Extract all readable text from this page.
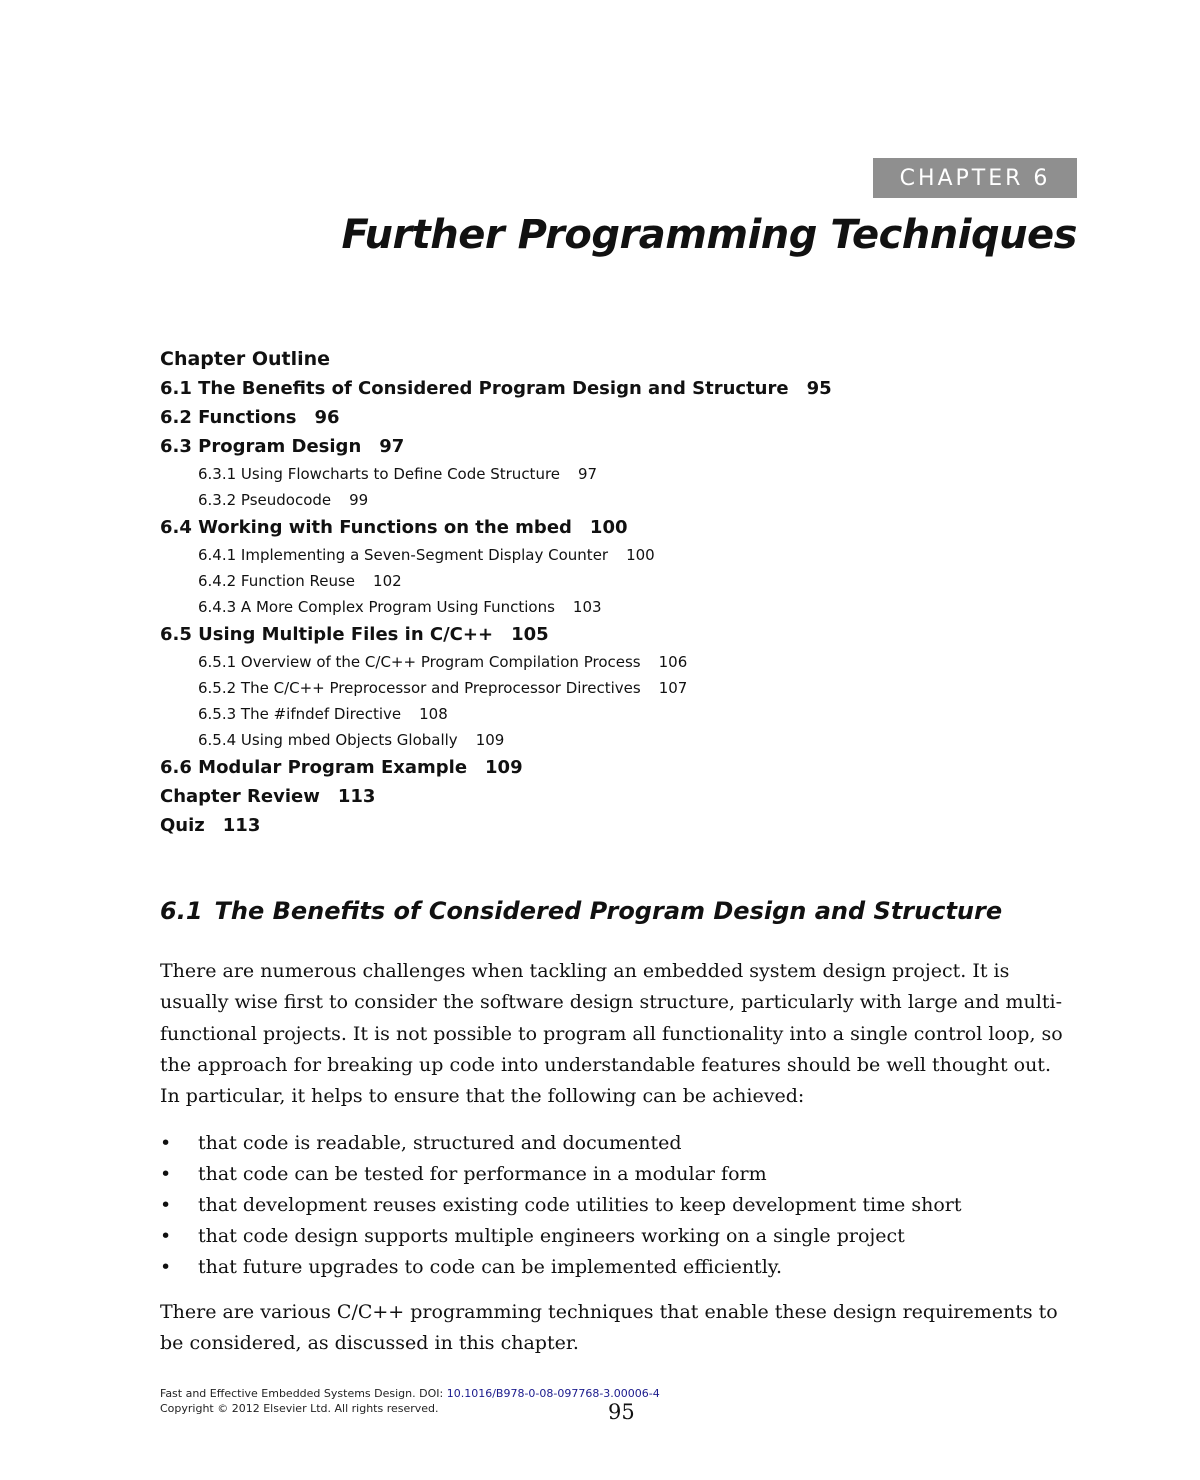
CHAPTER 6
Further Programming Techniques
Chapter Outline
6.1 The Benefits of Considered Program Design and Structure 95
6.2 Functions 96
6.3 Program Design 97
6.3.1 Using Flowcharts to Define Code Structure 97
6.3.2 Pseudocode 99
6.4 Working with Functions on the mbed 100
6.4.1 Implementing a Seven-Segment Display Counter 100
6.4.2 Function Reuse 102
6.4.3 A More Complex Program Using Functions 103
6.5 Using Multiple Files in C/C++ 105
6.5.1 Overview of the C/C++ Program Compilation Process 106
6.5.2 The C/C++ Preprocessor and Preprocessor Directives 107
6.5.3 The #ifndef Directive 108
6.5.4 Using mbed Objects Globally 109
6.6 Modular Program Example 109
Chapter Review 113
Quiz 113
6.1 The Benefits of Considered Program Design and Structure

There are numerous challenges when tackling an embedded system design project. It is usually wise first to consider the software design structure, particularly with large and multi-functional projects. It is not possible to program all functionality into a single control loop, so the approach for breaking up code into understandable features should be well thought out. In particular, it helps to ensure that the following can be achieved:

•	that code is readable, structured and documented
•	that code can be tested for performance in a modular form
•	that development reuses existing code utilities to keep development time short
•	that code design supports multiple engineers working on a single project
•	that future upgrades to code can be implemented efficiently.

There are various C/C++ programming techniques that enable these design requirements to be considered, as discussed in this chapter.

Fast and Effective Embedded Systems Design. DOI: 10.1016/B978-0-08-097768-3.00006-4
Copyright © 2012 Elsevier Ltd. All rights reserved.	95
